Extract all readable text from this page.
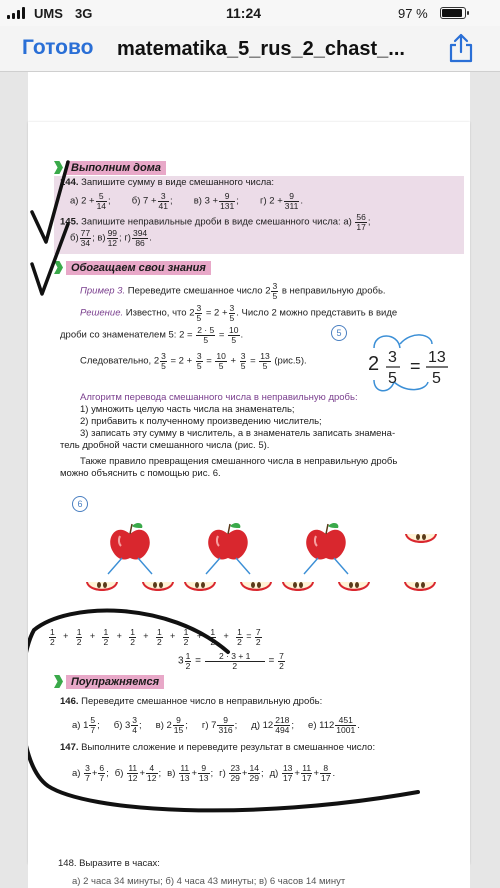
UMS 3G	11:24	97 %
Готово matematika_5_rus_2_chast_...
Выполним дома
144. Запишите сумму в виде смешанного числа:
а) $2 + \frac{5}{14}$ ;        б) $7 + \frac{3}{41}$ ;        в) $3 + \frac{9}{131}$ ;        г) $2 + \frac{9}{311}$ .
145. Запишите неправильные дроби в виде смешанного числа: $а) \frac{56}{17}$ ;
$б) \frac{77}{34}$ ; $в) \frac{99}{12}$ ; $г) \frac{394}{86}$ .
Обогащаем свои знания
Пример 3. Переведите смешанное число $2 \frac{3}{5}$ в неправильную дробь.
Решение. Известно, что $2 \frac{3}{5} = 2 + \frac{3}{5}$ . Число 2 можно представить в виде
дроби со знаменателем 5: $2 = \frac{2 \cdot 5}{5} = \frac{10}{5}$ .
Следовательно, $2 \frac{3}{5} = 2 + \frac{3}{5} = \frac{10}{5} + \frac{3}{5} = \frac{13}{5} (рис.5)$.
5
2 3
5
= 13
5
Алгоритм перевода смешанного числа в неправильную дробь:
1) умножить целую часть числа на знаменатель;
2) прибавить к полученному произведению числитель;
3) записать эту сумму в числитель, а в знаменатель записать знамена-
тель дробной части смешанного числа (рис. 5).
Также правило превращения смешанного числа в неправильную дробь
можно объяснить с помощью рис. 6.
6
$\frac{1}{2} + \frac{1}{2} + \frac{1}{2} + \frac{1}{2} + \frac{1}{2} + \frac{1}{2} + \frac{1}{2} + \frac{1}{2} = \frac{7}{2}$
$3 \frac{1}{2} = \frac{2 \cdot 3 + 1}{2} = \frac{7}{2}$
Поупражняемся
146. Переведите смешанное число в неправильную дробь:
а) $1 \frac{5}{7}$ ; б) $3 \frac{3}{4}$ ; в) $2 \frac{9}{15}$ ; г) $7 \frac{9}{316}$ ; д) $12 \frac{218}{494}$ ; е) $112 \frac{451}{1001}$ .
147. Выполните сложение и переведите результат в смешанное число:
$а) \frac{3}{7} + \frac{6}{7}$ ; $б) \frac{11}{12} + \frac{4}{12}$ ; $в) \frac{11}{13} + \frac{9}{13}$ ; $г) \frac{23}{29} + \frac{14}{29}$ ; $д) \frac{13}{17} + \frac{11}{17} + \frac{8}{17}$ .
148. Выразите в часах:
а) 2 часа 34 минуты; б) 4 часа 43 минуты; в) 6 часов 14 минут
